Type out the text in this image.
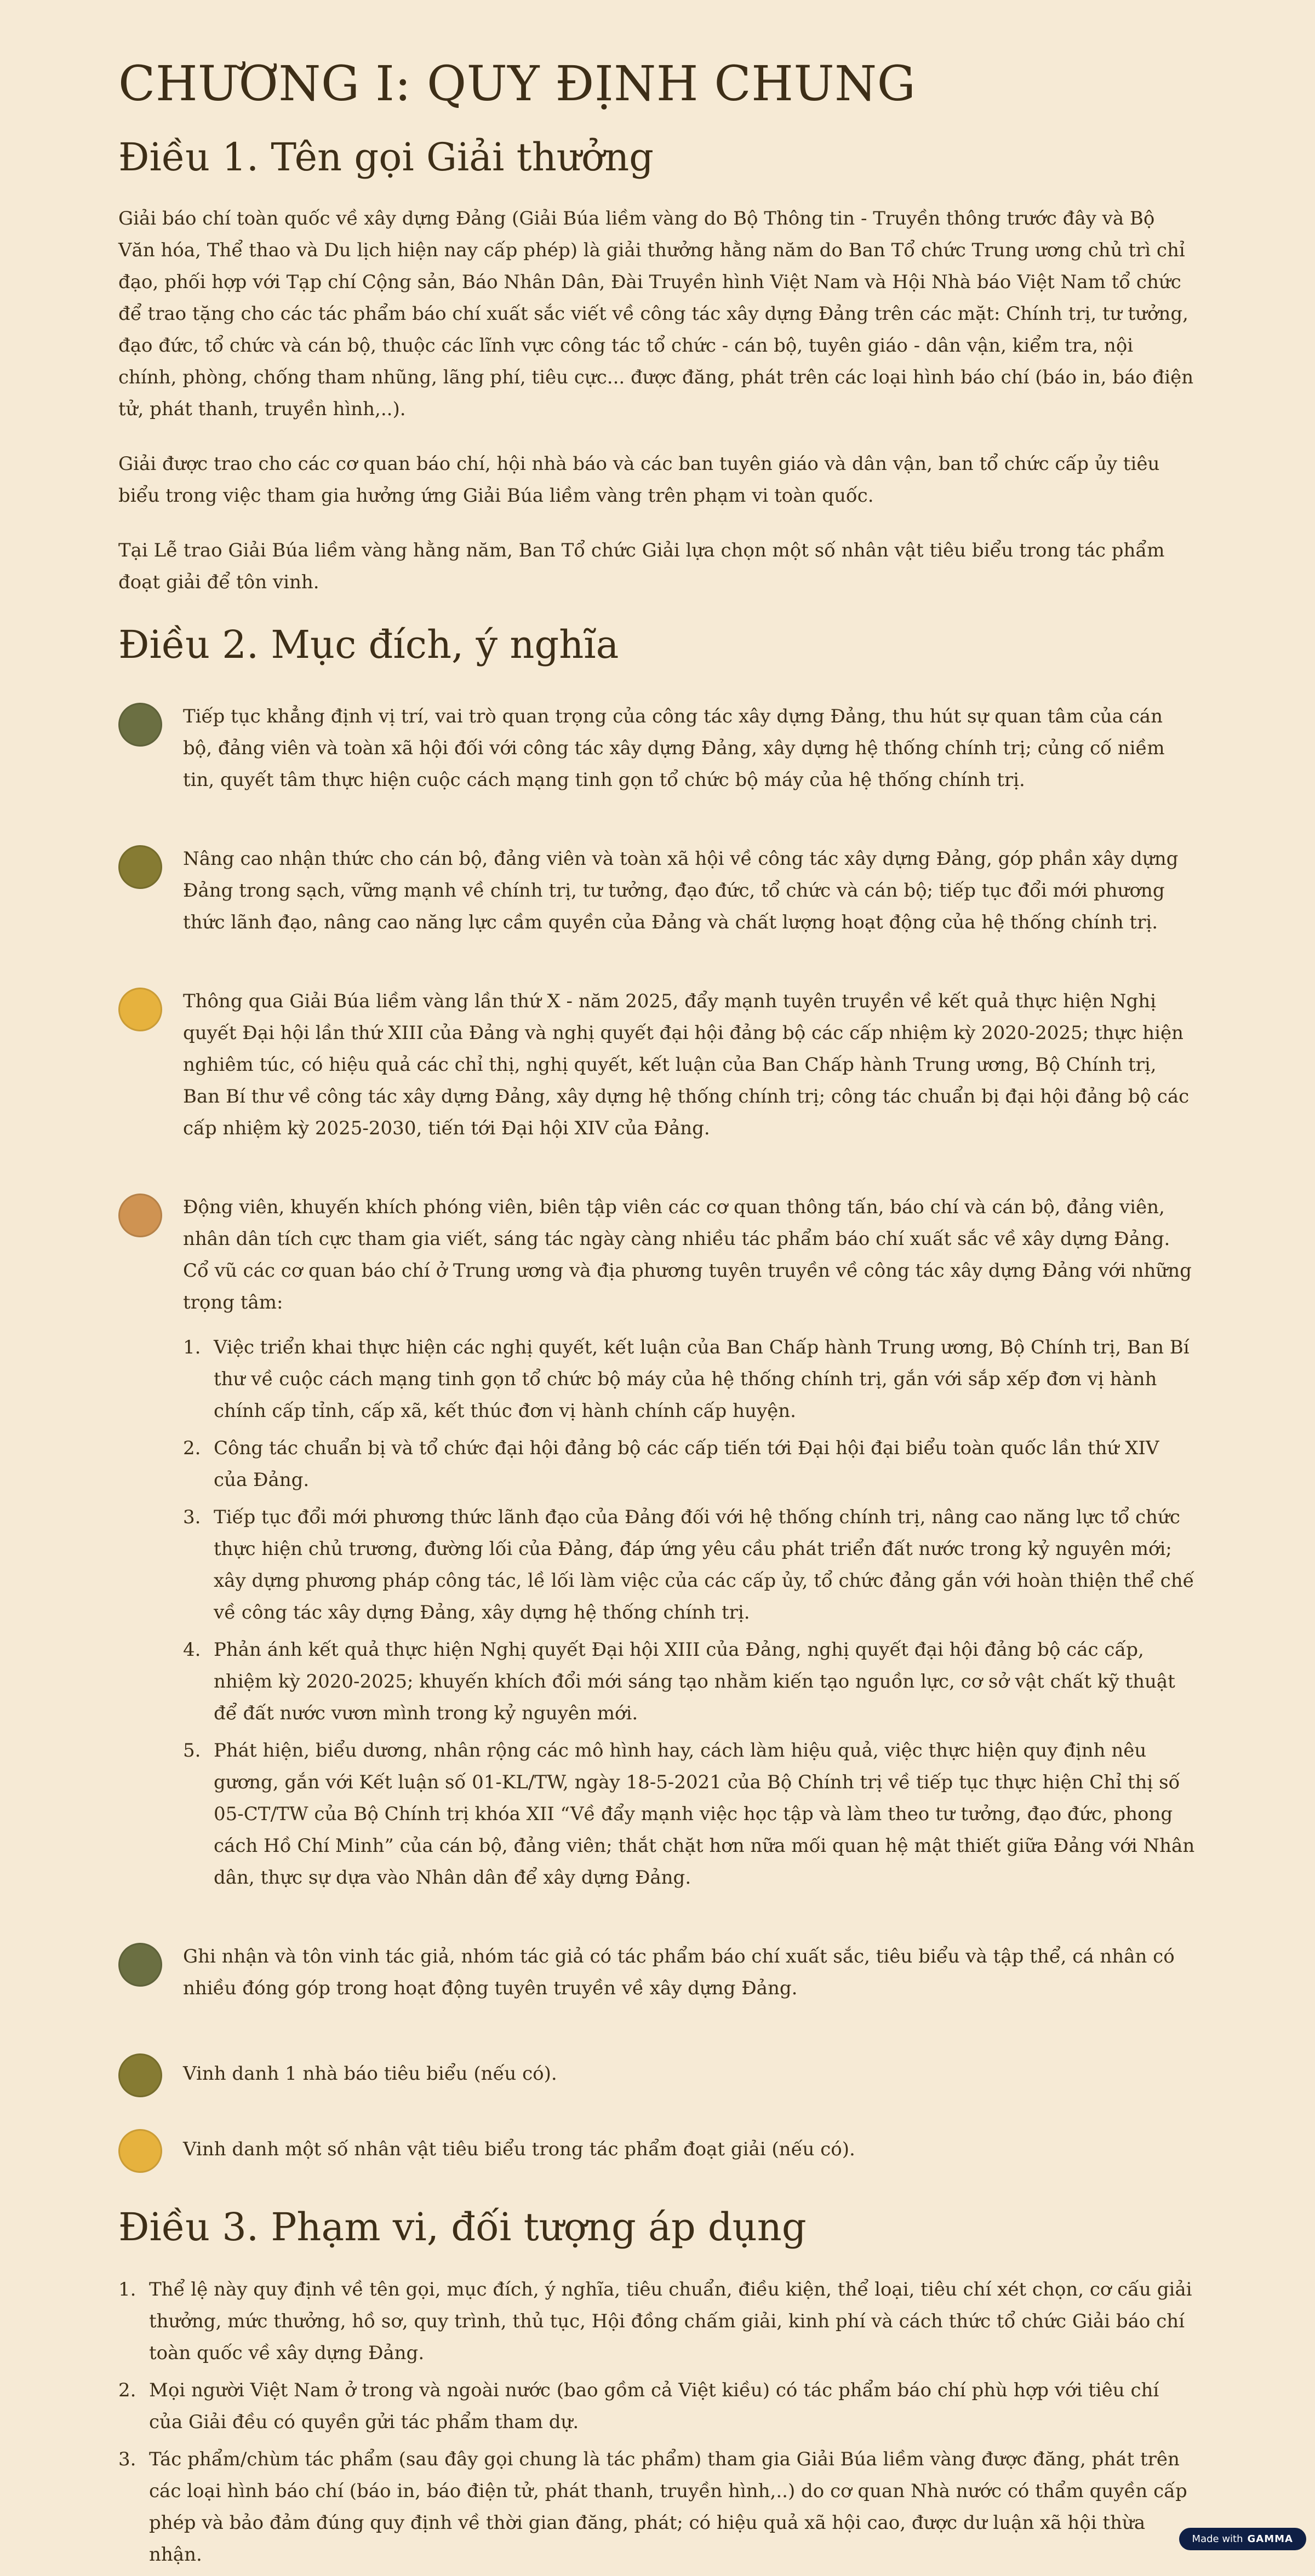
CHƯƠNG I: QUY ĐỊNH CHUNG
Điều 1. Tên gọi Giải thưởng

Giải báo chí toàn quốc về xây dựng Đảng (Giải Búa liềm vàng do Bộ Thông tin - Truyền thông trước đây và Bộ Văn hóa, Thể thao và Du lịch hiện nay cấp phép) là giải thưởng hằng năm do Ban Tổ chức Trung ương chủ trì chỉ đạo, phối hợp với Tạp chí Cộng sản, Báo Nhân Dân, Đài Truyền hình Việt Nam và Hội Nhà báo Việt Nam tổ chức để trao tặng cho các tác phẩm báo chí xuất sắc viết về công tác xây dựng Đảng trên các mặt: Chính trị, tư tưởng, đạo đức, tổ chức và cán bộ, thuộc các lĩnh vực công tác tổ chức - cán bộ, tuyên giáo - dân vận, kiểm tra, nội chính, phòng, chống tham nhũng, lãng phí, tiêu cực... được đăng, phát trên các loại hình báo chí (báo in, báo điện tử, phát thanh, truyền hình,..).

Giải được trao cho các cơ quan báo chí, hội nhà báo và các ban tuyên giáo và dân vận, ban tổ chức cấp ủy tiêu biểu trong việc tham gia hưởng ứng Giải Búa liềm vàng trên phạm vi toàn quốc.

Tại Lễ trao Giải Búa liềm vàng hằng năm, Ban Tổ chức Giải lựa chọn một số nhân vật tiêu biểu trong tác phẩm đoạt giải để tôn vinh.

Điều 2. Mục đích, ý nghĩa

Tiếp tục khẳng định vị trí, vai trò quan trọng của công tác xây dựng Đảng, thu hút sự quan tâm của cán bộ, đảng viên và toàn xã hội đối với công tác xây dựng Đảng, xây dựng hệ thống chính trị; củng cố niềm tin, quyết tâm thực hiện cuộc cách mạng tinh gọn tổ chức bộ máy của hệ thống chính trị.

Nâng cao nhận thức cho cán bộ, đảng viên và toàn xã hội về công tác xây dựng Đảng, góp phần xây dựng Đảng trong sạch, vững mạnh về chính trị, tư tưởng, đạo đức, tổ chức và cán bộ; tiếp tục đổi mới phương thức lãnh đạo, nâng cao năng lực cầm quyền của Đảng và chất lượng hoạt động của hệ thống chính trị.

Thông qua Giải Búa liềm vàng lần thứ X - năm 2025, đẩy mạnh tuyên truyền về kết quả thực hiện Nghị quyết Đại hội lần thứ XIII của Đảng và nghị quyết đại hội đảng bộ các cấp nhiệm kỳ 2020-2025; thực hiện nghiêm túc, có hiệu quả các chỉ thị, nghị quyết, kết luận của Ban Chấp hành Trung ương, Bộ Chính trị, Ban Bí thư về công tác xây dựng Đảng, xây dựng hệ thống chính trị; công tác chuẩn bị đại hội đảng bộ các cấp nhiệm kỳ 2025-2030, tiến tới Đại hội XIV của Đảng.

Động viên, khuyến khích phóng viên, biên tập viên các cơ quan thông tấn, báo chí và cán bộ, đảng viên, nhân dân tích cực tham gia viết, sáng tác ngày càng nhiều tác phẩm báo chí xuất sắc về xây dựng Đảng. Cổ vũ các cơ quan báo chí ở Trung ương và địa phương tuyên truyền về công tác xây dựng Đảng với những trọng tâm:

1. Việc triển khai thực hiện các nghị quyết, kết luận của Ban Chấp hành Trung ương, Bộ Chính trị, Ban Bí thư về cuộc cách mạng tinh gọn tổ chức bộ máy của hệ thống chính trị, gắn với sắp xếp đơn vị hành chính cấp tỉnh, cấp xã, kết thúc đơn vị hành chính cấp huyện.
2. Công tác chuẩn bị và tổ chức đại hội đảng bộ các cấp tiến tới Đại hội đại biểu toàn quốc lần thứ XIV của Đảng.
3. Tiếp tục đổi mới phương thức lãnh đạo của Đảng đối với hệ thống chính trị, nâng cao năng lực tổ chức thực hiện chủ trương, đường lối của Đảng, đáp ứng yêu cầu phát triển đất nước trong kỷ nguyên mới; xây dựng phương pháp công tác, lề lối làm việc của các cấp ủy, tổ chức đảng gắn với hoàn thiện thể chế về công tác xây dựng Đảng, xây dựng hệ thống chính trị.
4. Phản ánh kết quả thực hiện Nghị quyết Đại hội XIII của Đảng, nghị quyết đại hội đảng bộ các cấp, nhiệm kỳ 2020-2025; khuyến khích đổi mới sáng tạo nhằm kiến tạo nguồn lực, cơ sở vật chất kỹ thuật để đất nước vươn mình trong kỷ nguyên mới.
5. Phát hiện, biểu dương, nhân rộng các mô hình hay, cách làm hiệu quả, việc thực hiện quy định nêu gương, gắn với Kết luận số 01-KL/TW, ngày 18-5-2021 của Bộ Chính trị về tiếp tục thực hiện Chỉ thị số 05-CT/TW của Bộ Chính trị khóa XII “Về đẩy mạnh việc học tập và làm theo tư tưởng, đạo đức, phong cách Hồ Chí Minh” của cán bộ, đảng viên; thắt chặt hơn nữa mối quan hệ mật thiết giữa Đảng với Nhân dân, thực sự dựa vào Nhân dân để xây dựng Đảng.

Ghi nhận và tôn vinh tác giả, nhóm tác giả có tác phẩm báo chí xuất sắc, tiêu biểu và tập thể, cá nhân có nhiều đóng góp trong hoạt động tuyên truyền về xây dựng Đảng.

Vinh danh 1 nhà báo tiêu biểu (nếu có).

Vinh danh một số nhân vật tiêu biểu trong tác phẩm đoạt giải (nếu có).

Điều 3. Phạm vi, đối tượng áp dụng
1. Thể lệ này quy định về tên gọi, mục đích, ý nghĩa, tiêu chuẩn, điều kiện, thể loại, tiêu chí xét chọn, cơ cấu giải thưởng, mức thưởng, hồ sơ, quy trình, thủ tục, Hội đồng chấm giải, kinh phí và cách thức tổ chức Giải báo chí toàn quốc về xây dựng Đảng.
2. Mọi người Việt Nam ở trong và ngoài nước (bao gồm cả Việt kiều) có tác phẩm báo chí phù hợp với tiêu chí của Giải đều có quyền gửi tác phẩm tham dự.
3. Tác phẩm/chùm tác phẩm (sau đây gọi chung là tác phẩm) tham gia Giải Búa liềm vàng được đăng, phát trên các loại hình báo chí (báo in, báo điện tử, phát thanh, truyền hình,..) do cơ quan Nhà nước có thẩm quyền cấp phép và bảo đảm đúng quy định về thời gian đăng, phát; có hiệu quả xã hội cao, được dư luận xã hội thừa nhận.
Made with GAMMA
